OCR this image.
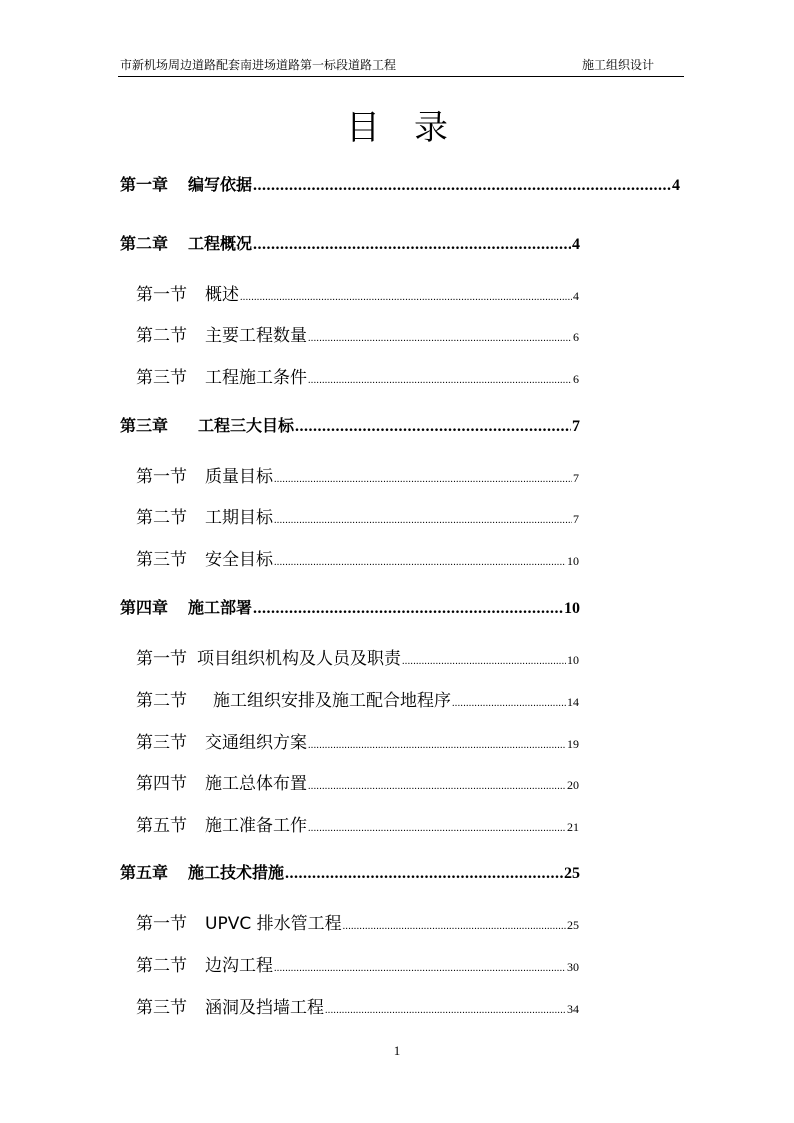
市新机场周边道路配套南进场道路第一标段道路工程	施工组织设计
目录
第一章 编写依据 .....	4
第二章 工程概况 .....	4
第一节 概述 .....	4
第二节 主要工程数量 .....	6
第三节 工程施工条件 .....	6
第三章 工程三大目标 .....	7
第一节 质量目标 .....	7
第二节 工期目标 .....	7
第三节 安全目标 .....	10
第四章 施工部署 .....	10
第一节 项目组织机构及人员及职责 .....	10
第二节 施工组织安排及施工配合地程序 .....	14
第三节 交通组织方案 .....	19
第四节 施工总体布置 .....	20
第五节 施工准备工作 .....	21
第五章 施工技术措施 .....	25
第一节 UPVC 排水管工程 .....	25
第二节 边沟工程 .....	30
第三节 涵洞及挡墙工程 .....	34
1
